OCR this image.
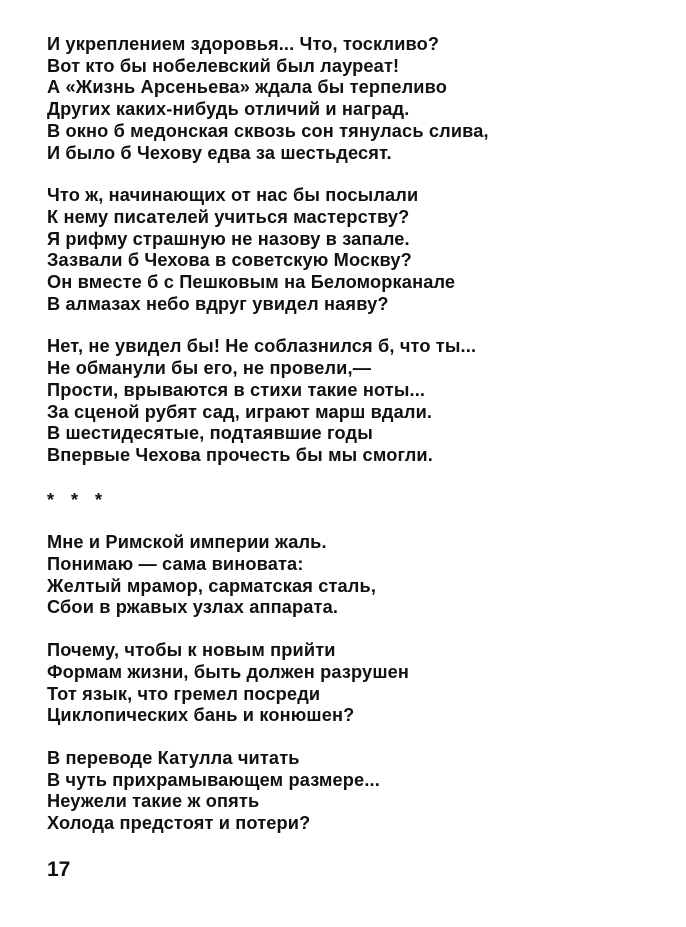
И укреплением здоровья... Что, тоскливо?
Вот кто бы нобелевский был лауреат!
А «Жизнь Арсеньева» ждала бы терпеливо
Других каких-нибудь отличий и наград.
В окно б медонская сквозь сон тянулась слива,
И было б Чехову едва за шестьдесят.
Что ж, начинающих от нас бы посылали
К нему писателей учиться мастерству?
Я рифму страшную не назову в запале.
Зазвали б Чехова в советскую Москву?
Он вместе б с Пешковым на Беломорканале
В алмазах небо вдруг увидел наяву?
Нет, не увидел бы! Не соблазнился б, что ты...
Не обманули бы его, не провели,—
Прости, врываются в стихи такие ноты...
За сценой рубят сад, играют марш вдали.
В шестидесятые, подтаявшие годы
Впервые Чехова прочесть бы мы смогли.
* * *
Мне и Римской империи жаль.
Понимаю — сама виновата:
Желтый мрамор, сарматская сталь,
Сбои в ржавых узлах аппарата.
Почему, чтобы к новым прийти
Формам жизни, быть должен разрушен
Тот язык, что гремел посреди
Циклопических бань и конюшен?
В переводе Катулла читать
В чуть прихрамывающем размере...
Неужели такие ж опять
Холода предстоят и потери?
17
